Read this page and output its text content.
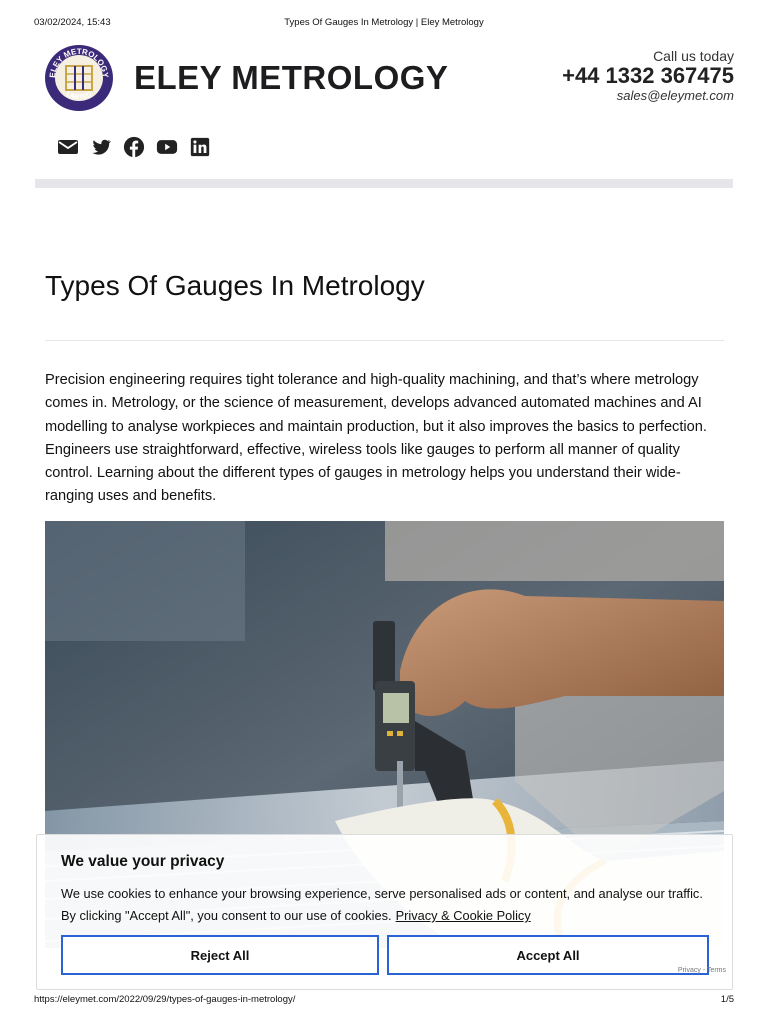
03/02/2024, 15:43	Types Of Gauges In Metrology | Eley Metrology
ELEY METROLOGY
LIMITED ELEY METROLOGY
Call us today
+44 1332 367475
sales@eleymet.com
Types Of Gauges In Metrology

Precision engineering requires tight tolerance and high-quality machining, and that’s where metrology comes in. Metrology, or the science of measurement, develops advanced automated machines and AI modelling to analyse workpieces and maintain production, but it also improves the basics to perfection. Engineers use straightforward, effective, wireless tools like gauges to perform all manner of quality control. Learning about the different types of gauges in metrology helps you understand their wide-ranging uses and benefits.

We value your privacy
We use cookies to enhance your browsing experience, serve personalised ads or content, and analyse our traffic. By clicking "Accept All", you consent to our use of cookies. Privacy & Cookie Policy
Reject All	Accept All
Privacy - Terms
https://eleymet.com/2022/09/29/types-of-gauges-in-metrology/	1/5
